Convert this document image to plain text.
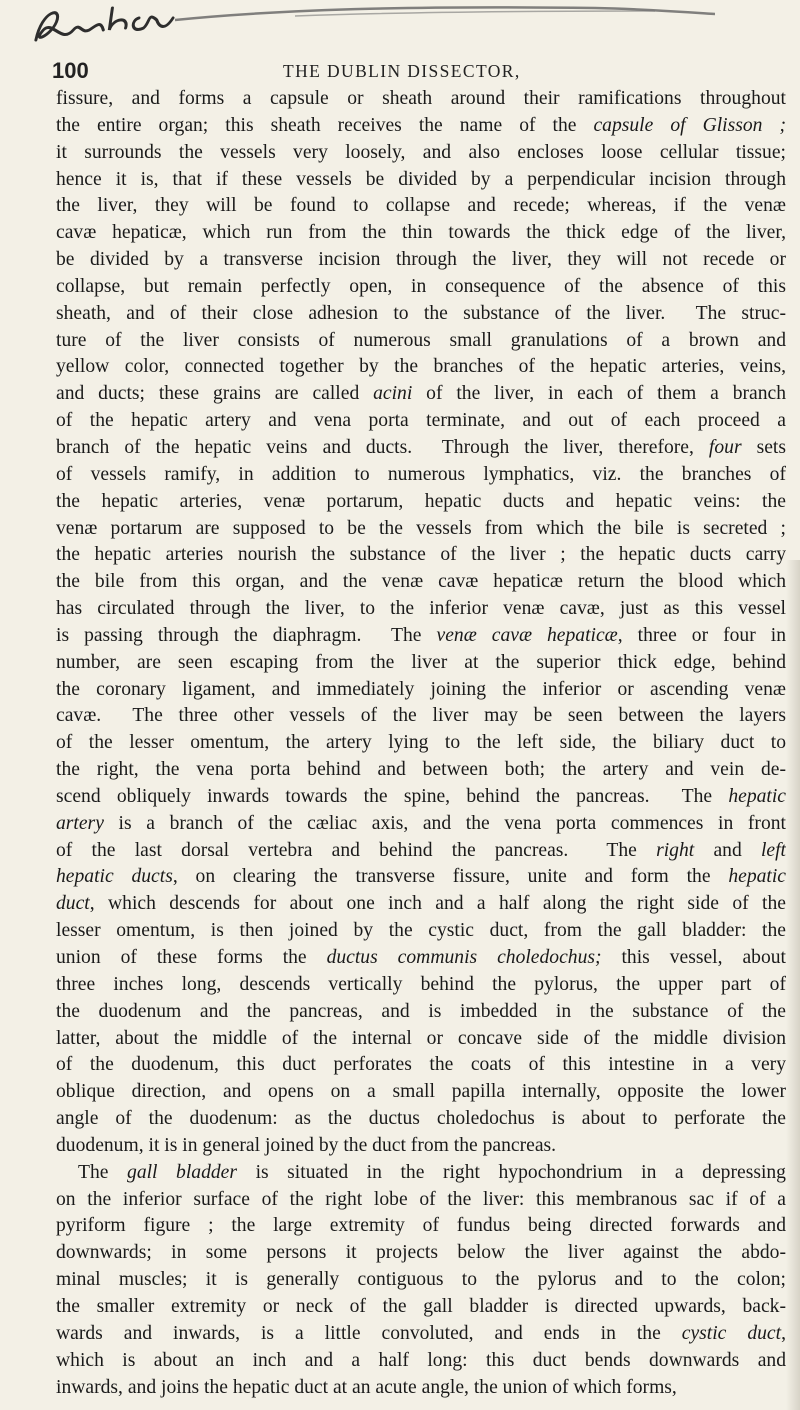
100	THE DUBLIN DISSECTOR,
fissure, and forms a capsule or sheath around their ramifications throughout
the entire organ; this sheath receives the name of the capsule of Glisson ;
it surrounds the vessels very loosely, and also encloses loose cellular tissue;
hence it is, that if these vessels be divided by a perpendicular incision through
the liver, they will be found to collapse and recede; whereas, if the venæ
cavæ hepaticæ, which run from the thin towards the thick edge of the liver,
be divided by a transverse incision through the liver, they will not recede or
collapse, but remain perfectly open, in consequence of the absence of this
sheath, and of their close adhesion to the substance of the liver.  The struc-
ture of the liver consists of numerous small granulations of a brown and
yellow color, connected together by the branches of the hepatic arteries, veins,
and ducts; these grains are called acini of the liver, in each of them a branch
of the hepatic artery and vena porta terminate, and out of each proceed a
branch of the hepatic veins and ducts.  Through the liver, therefore, four sets
of vessels ramify, in addition to numerous lymphatics, viz. the branches of
the hepatic arteries, venæ portarum, hepatic ducts and hepatic veins: the
venæ portarum are supposed to be the vessels from which the bile is secreted ;
the hepatic arteries nourish the substance of the liver ; the hepatic ducts carry
the bile from this organ, and the venæ cavæ hepaticæ return the blood which
has circulated through the liver, to the inferior venæ cavæ, just as this vessel
is passing through the diaphragm.  The venæ cavæ hepaticæ, three or four in
number, are seen escaping from the liver at the superior thick edge, behind
the coronary ligament, and immediately joining the inferior or ascending venæ
cavæ.  The three other vessels of the liver may be seen between the layers
of the lesser omentum, the artery lying to the left side, the biliary duct to
the right, the vena porta behind and between both; the artery and vein de-
scend obliquely inwards towards the spine, behind the pancreas.  The hepatic
artery is a branch of the cæliac axis, and the vena porta commences in front
of the last dorsal vertebra and behind the pancreas.  The right and left
hepatic ducts, on clearing the transverse fissure, unite and form the hepatic
duct, which descends for about one inch and a half along the right side of the
lesser omentum, is then joined by the cystic duct, from the gall bladder: the
union of these forms the ductus communis choledochus; this vessel, about
three inches long, descends vertically behind the pylorus, the upper part of
the duodenum and the pancreas, and is imbedded in the substance of the
latter, about the middle of the internal or concave side of the middle division
of the duodenum, this duct perforates the coats of this intestine in a very
oblique direction, and opens on a small papilla internally, opposite the lower
angle of the duodenum: as the ductus choledochus is about to perforate the
duodenum, it is in general joined by the duct from the pancreas.
The gall bladder is situated in the right hypochondrium in a depressing
on the inferior surface of the right lobe of the liver: this membranous sac if of a
pyriform figure ; the large extremity of fundus being directed forwards and
downwards; in some persons it projects below the liver against the abdo-
minal muscles; it is generally contiguous to the pylorus and to the colon;
the smaller extremity or neck of the gall bladder is directed upwards, back-
wards and inwards, is a little convoluted, and ends in the cystic duct,
which is about an inch and a half long: this duct bends downwards and
inwards, and joins the hepatic duct at an acute angle, the union of which forms,
